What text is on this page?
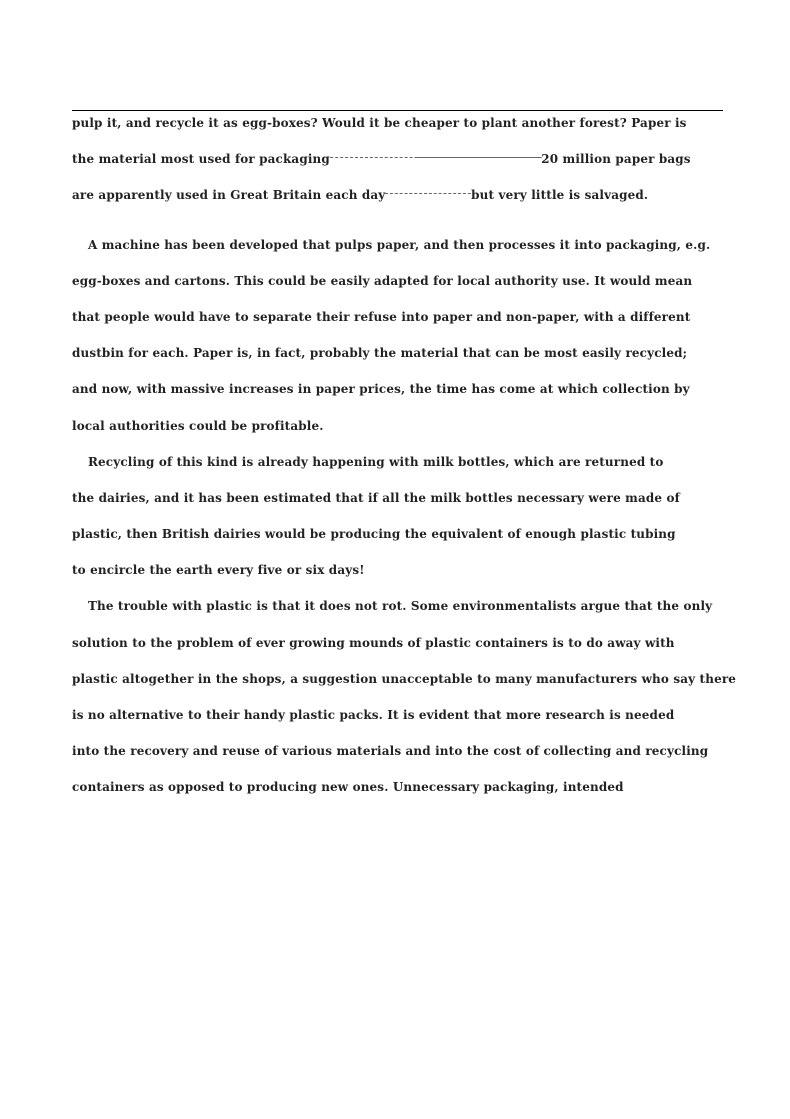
pulp it, and recycle it as egg-boxes? Would it be cheaper to plant another forest? Paper is
the material most used for packaging	20 million paper bags
are apparently used in Great Britain each day	but very little is salvaged.
A machine has been developed that pulps paper, and then processes it into packaging, e.g.
egg-boxes and cartons. This could be easily adapted for local authority use. It would mean
that people would have to separate their refuse into paper and non-paper, with a different
dustbin for each. Paper is, in fact, probably the material that can be most easily recycled;
and now, with massive increases in paper prices, the time has come at which collection by
local authorities could be profitable.
Recycling of this kind is already happening with milk bottles, which are returned to
the dairies, and it has been estimated that if all the milk bottles necessary were made of
plastic, then British dairies would be producing the equivalent of enough plastic tubing
to encircle the earth every five or six days!
The trouble with plastic is that it does not rot. Some environmentalists argue that the only
solution to the problem of ever growing mounds of plastic containers is to do away with
plastic altogether in the shops, a suggestion unacceptable to many manufacturers who say there
is no alternative to their handy plastic packs. It is evident that more research is needed
into the recovery and reuse of various materials and into the cost of collecting and recycling
containers as opposed to producing new ones. Unnecessary packaging, intended
